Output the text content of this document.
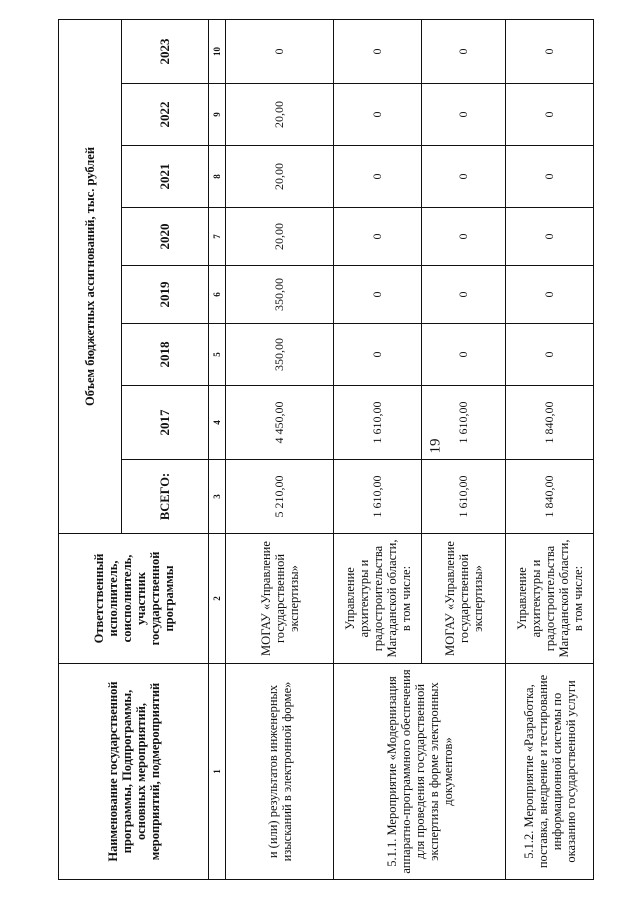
19
Наименование государственной программы, Подпрограммы, основных мероприятий, мероприятий, подмероприятий	Ответственный исполнитель, соисполнитель, участник государственной программы	Объем бюджетных ассигнований, тыс. рублей							
		ВСЕГО:	2017	2018	2019	2020	2021	2022	2023
1	2	3	4	5	6	7	8	9	10
и (или) результатов инженерных изысканий в электронной форме»	МОГАУ «Управление государственной экспертизы»	5 210,00	4 450,00	350,00	350,00	20,00	20,00	20,00	0
5.1.1. Мероприятие «Модернизация аппаратно-программного обеспечения для проведения государственной экспертизы в форме электронных документов»	Управление архитектуры и градостроительства Магаданской области, в том числе:	1 610,00	1 610,00	0	0	0	0	0	0
	МОГАУ «Управление государственной экспертизы»	1 610,00	1 610,00	0	0	0	0	0	0
5.1.2. Мероприятие «Разработка, поставка, внедрение и тестирование информационной системы по оказанию государственной услуги	Управление архитектуры и градостроительства Магаданской области, в том числе:	1 840,00	1 840,00	0	0	0	0	0	0
